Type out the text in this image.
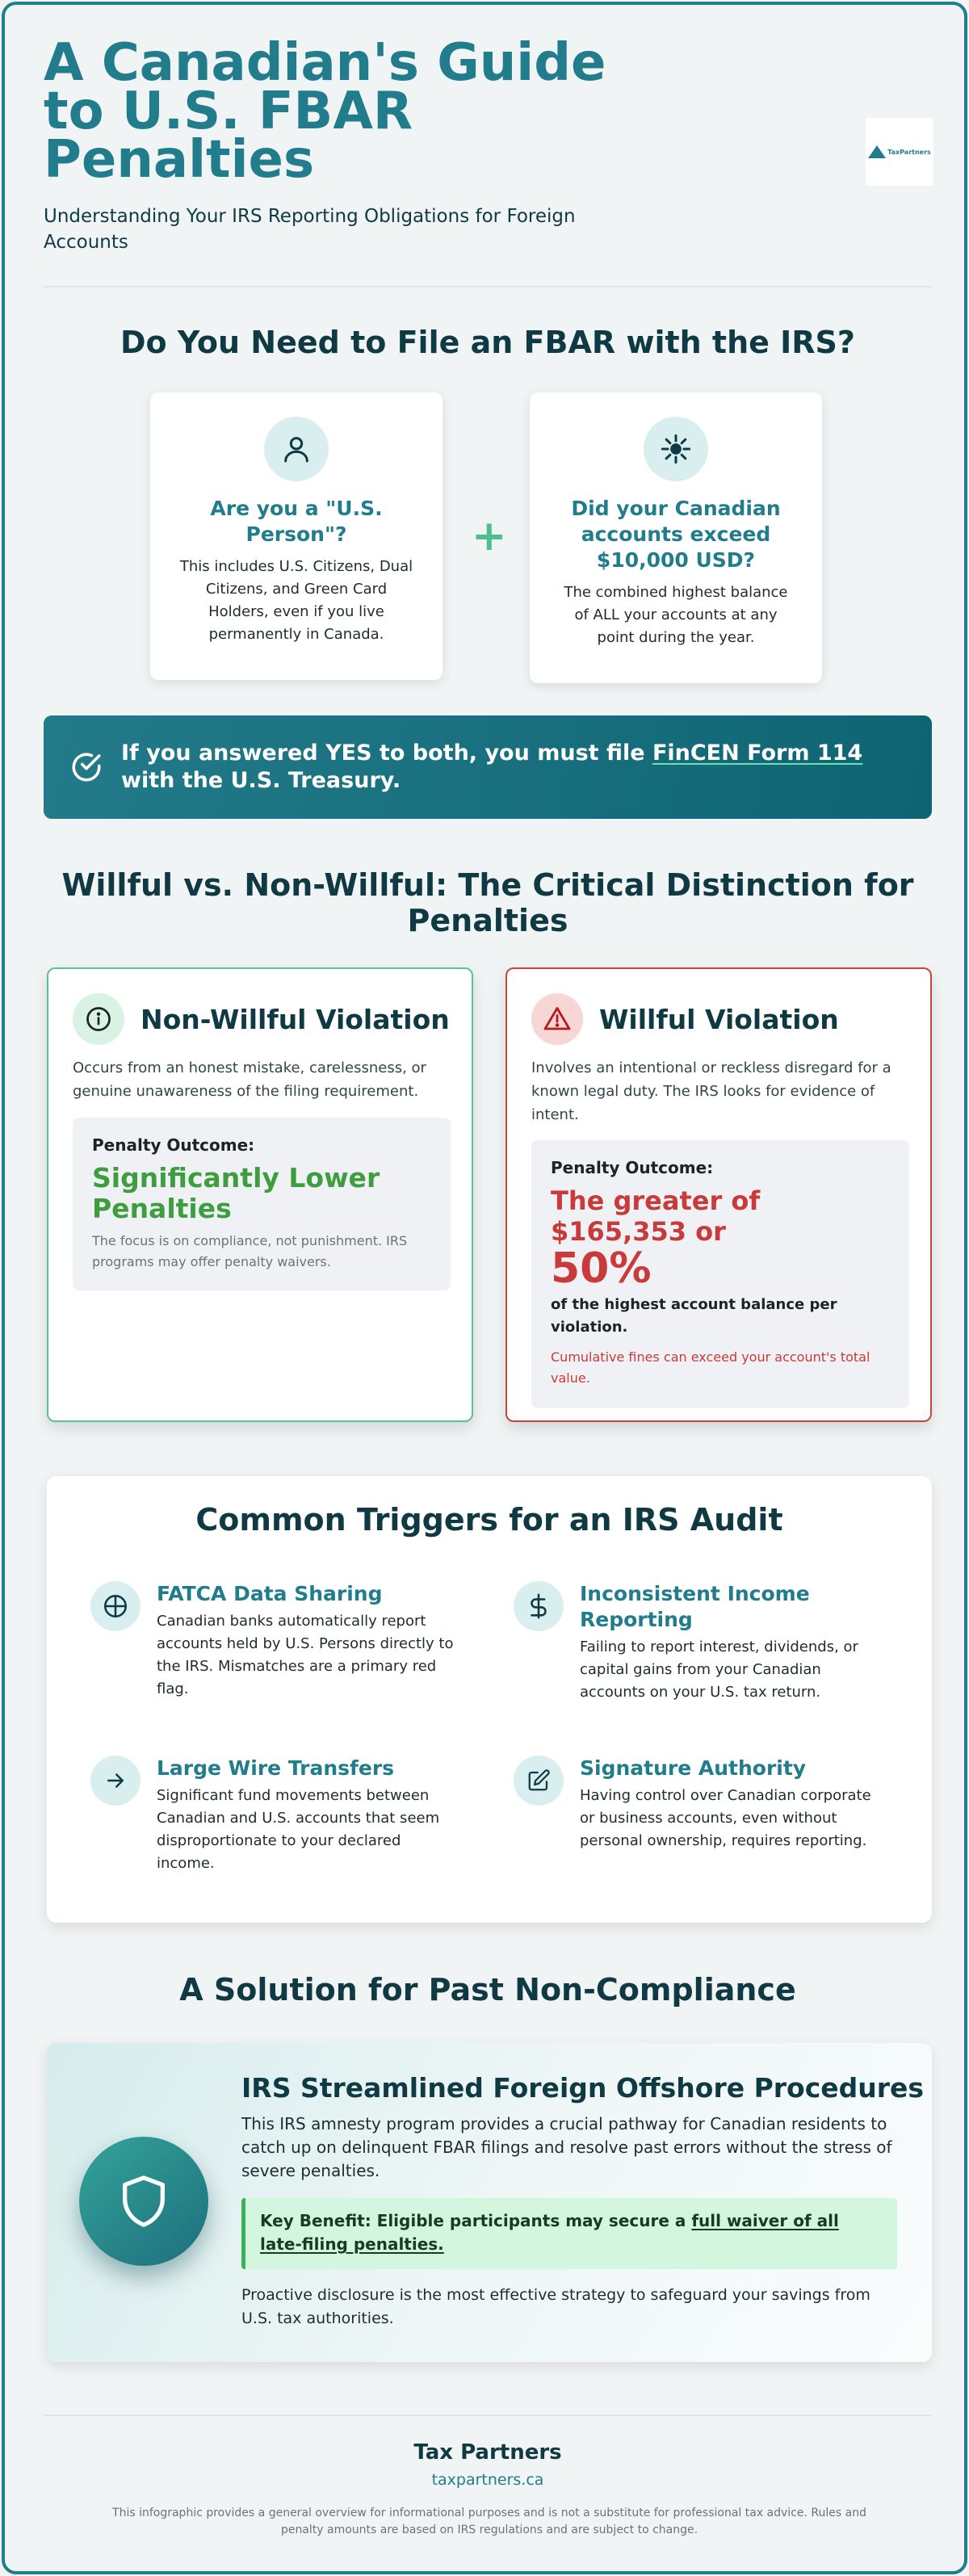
A Canadian's Guide to U.S. FBAR Penalties

Understanding Your IRS Reporting Obligations for Foreign Accounts

TaxPartners
Do You Need to File an FBAR with the IRS?
Are you a "U.S. Person"?
This includes U.S. Citizens, Dual Citizens, and Green Card Holders, even if you live permanently in Canada.
+
Did your Canadian accounts exceed $10,000 USD?
The combined highest balance of ALL your accounts at any point during the year.
If you answered YES to both, you must file FinCEN Form 114 with the U.S. Treasury.
Willful vs. Non-Willful: The Critical Distinction for Penalties
Non-Willful Violation
Occurs from an honest mistake, carelessness, or genuine unawareness of the filing requirement.
Penalty Outcome:
Significantly Lower Penalties
The focus is on compliance, not punishment. IRS programs may offer penalty waivers.
Willful Violation
Involves an intentional or reckless disregard for a known legal duty. The IRS looks for evidence of intent.
Penalty Outcome:
The greater of $165,353 or
50%
of the highest account balance per violation.
Cumulative fines can exceed your account's total value.
Common Triggers for an IRS Audit
FATCA Data Sharing
Canadian banks automatically report accounts held by U.S. Persons directly to the IRS. Mismatches are a primary red flag.
Inconsistent Income Reporting
Failing to report interest, dividends, or capital gains from your Canadian accounts on your U.S. tax return.
Large Wire Transfers
Significant fund movements between Canadian and U.S. accounts that seem disproportionate to your declared income.
Signature Authority
Having control over Canadian corporate or business accounts, even without personal ownership, requires reporting.
A Solution for Past Non-Compliance
IRS Streamlined Foreign Offshore Procedures
This IRS amnesty program provides a crucial pathway for Canadian residents to catch up on delinquent FBAR filings and resolve past errors without the stress of severe penalties.
Key Benefit: Eligible participants may secure a full waiver of all late-filing penalties.
Proactive disclosure is the most effective strategy to safeguard your savings from U.S. tax authorities.
Tax Partners
taxpartners.ca
This infographic provides a general overview for informational purposes and is not a substitute for professional tax advice. Rules and penalty amounts are based on IRS regulations and are subject to change.
